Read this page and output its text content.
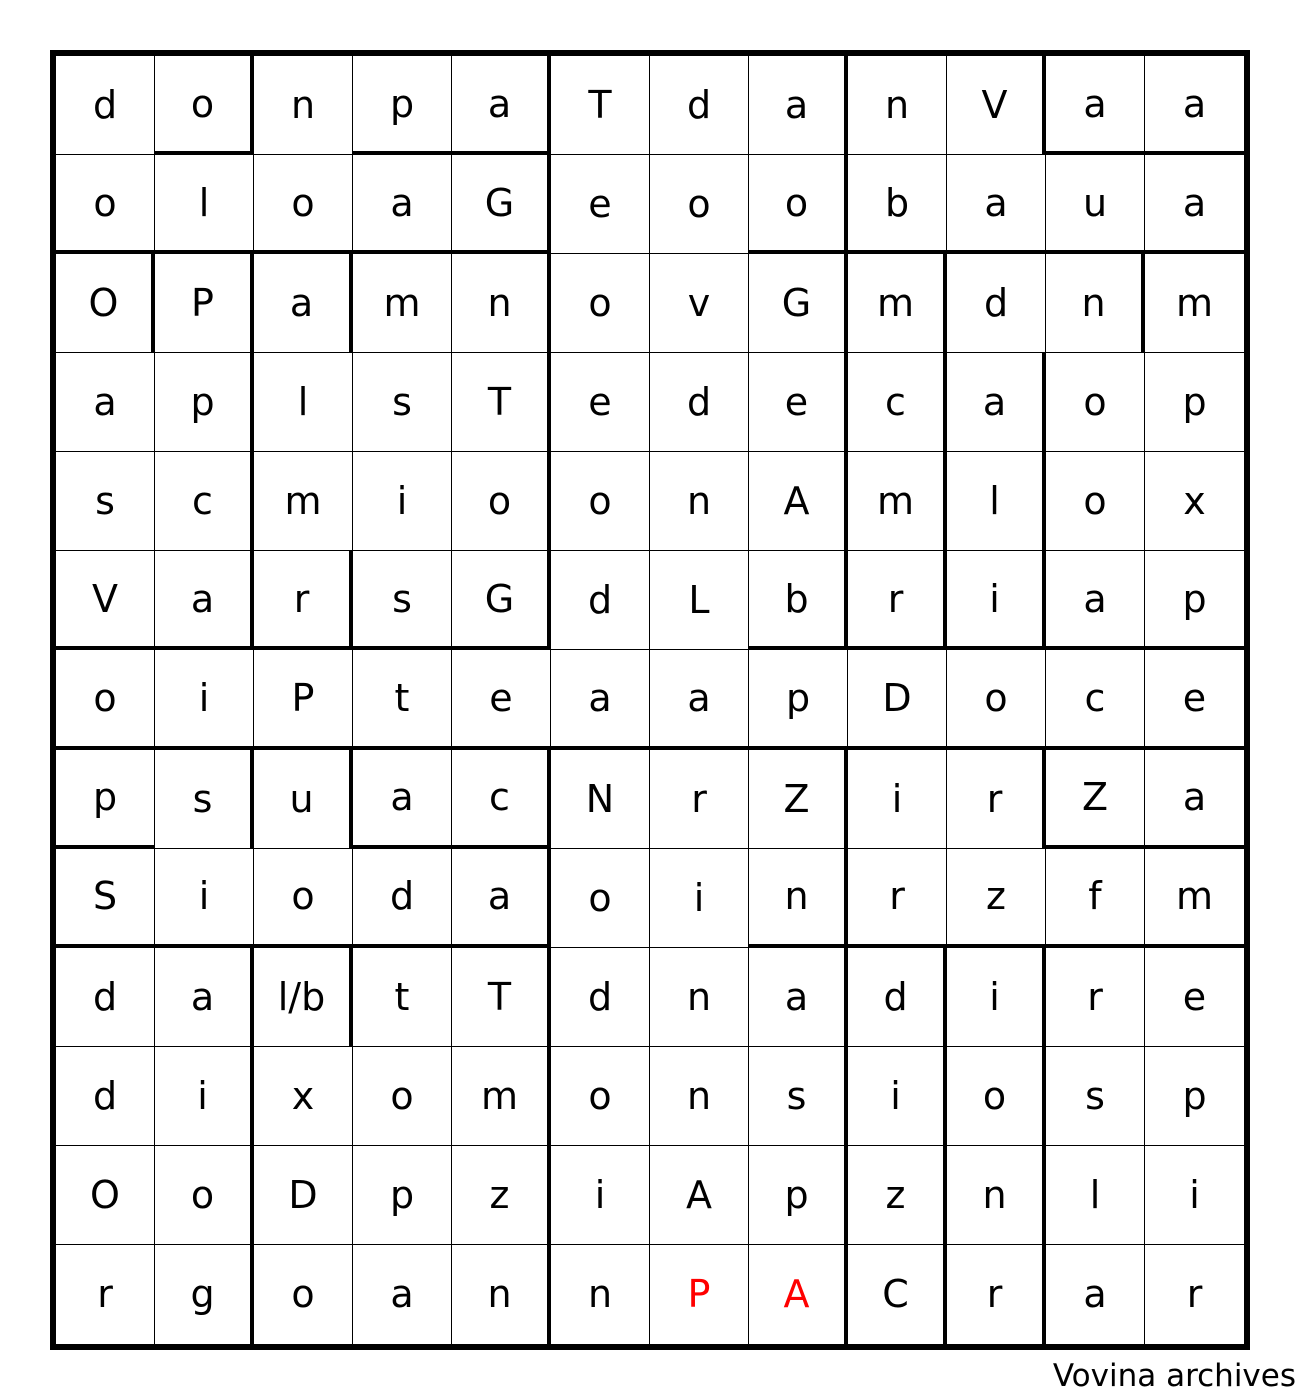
d	o	n	p	a	T	d	a	n	V	a	a
o	l	o	a	G	e	o	o	b	a	u	a
O	P	a	m	n	o	v	G	m	d	n	m
a	p	l	s	T	e	d	e	c	a	o	p
s	c	m	i	o	o	n	A	m	l	o	x
V	a	r	s	G	d	L	b	r	i	a	p
o	i	P	t	e	a	a	p	D	o	c	e
p	s	u	a	c	N	r	Z	i	r	Z	a
S	i	o	d	a	o	i	n	r	z	f	m
d	a	l/b	t	T	d	n	a	d	i	r	e
d	i	x	o	m	o	n	s	i	o	s	p
O	o	D	p	z	i	A	p	z	n	l	i
r	g	o	a	n	n	P	A	C	r	a	r
Vovina archives
